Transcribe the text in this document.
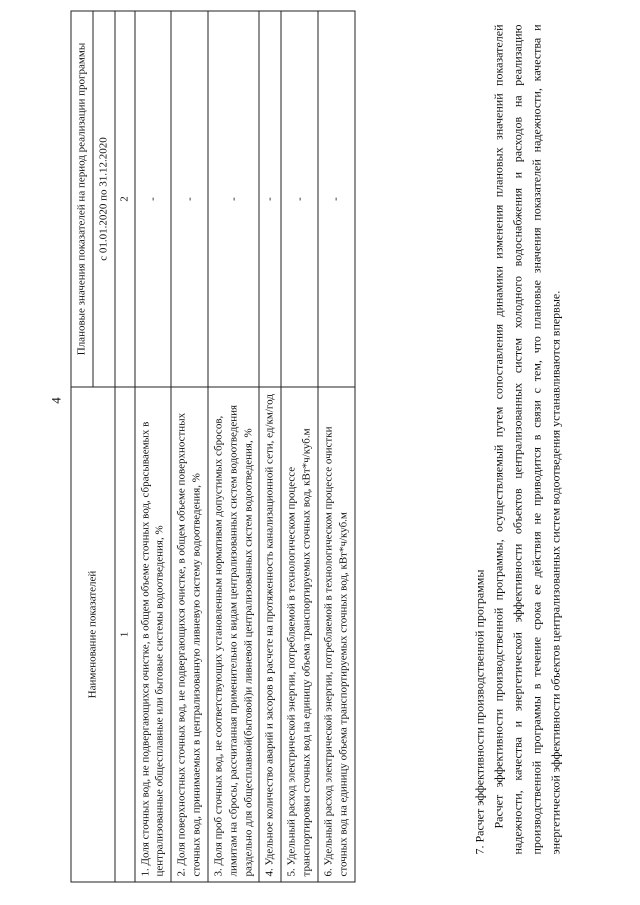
4
Наименование показателей	Плановые значения показателей на период реализации программы
	с 01.01.2020 по 31.12.2020
1	2
1. Доля сточных вод, не подвергающихся очистке, в общем объеме сточных вод, сбрасываемых в централизованные общесплавные или бытовые системы водоотведения, %	-
2. Доля поверхностных сточных вод, не подвергающихся очистке, в общем объеме поверхностных сточных вод, принимаемых в централизованную ливневую систему водоотведения, %	-
3. Доля проб сточных вод, не соответствующих установленным нормативам допустимых сбросов, лимитам на сбросы, рассчитанная применительно к видам централизованных систем водоотведения раздельно для общесплавной(бытовой)и ливневой централизованных систем водоотведения, %	-
4. Удельное количество аварий и засоров в расчете на протяженность канализационной сети, ед/км/год	-
5. Удельный расход электрической энергии, потребляемой в технологическом процессе транспортировки сточных вод на единицу объема транспортируемых сточных вод, кВт*ч/куб.м	-
6. Удельный расход электрической энергии, потребляемой в технологическом процессе очистки сточных вод на единицу объема транспортируемых сточных вод, кВт*ч/куб.м	-
7. Расчет эффективности производственной программы Расчет эффективности производственной программы, осуществляемый путем сопоставления динамики изменения плановых значений показателей надежности, качества и энергетической эффективности объектов централизованных систем холодного водоснабжения и расходов на реализацию производственной программы в течение срока ее действия не приводится в связи с тем, что плановые значения показателей надежности, качества и энергетической эффективности объектов централизованных систем водоотведения устанавливаются впервые.
